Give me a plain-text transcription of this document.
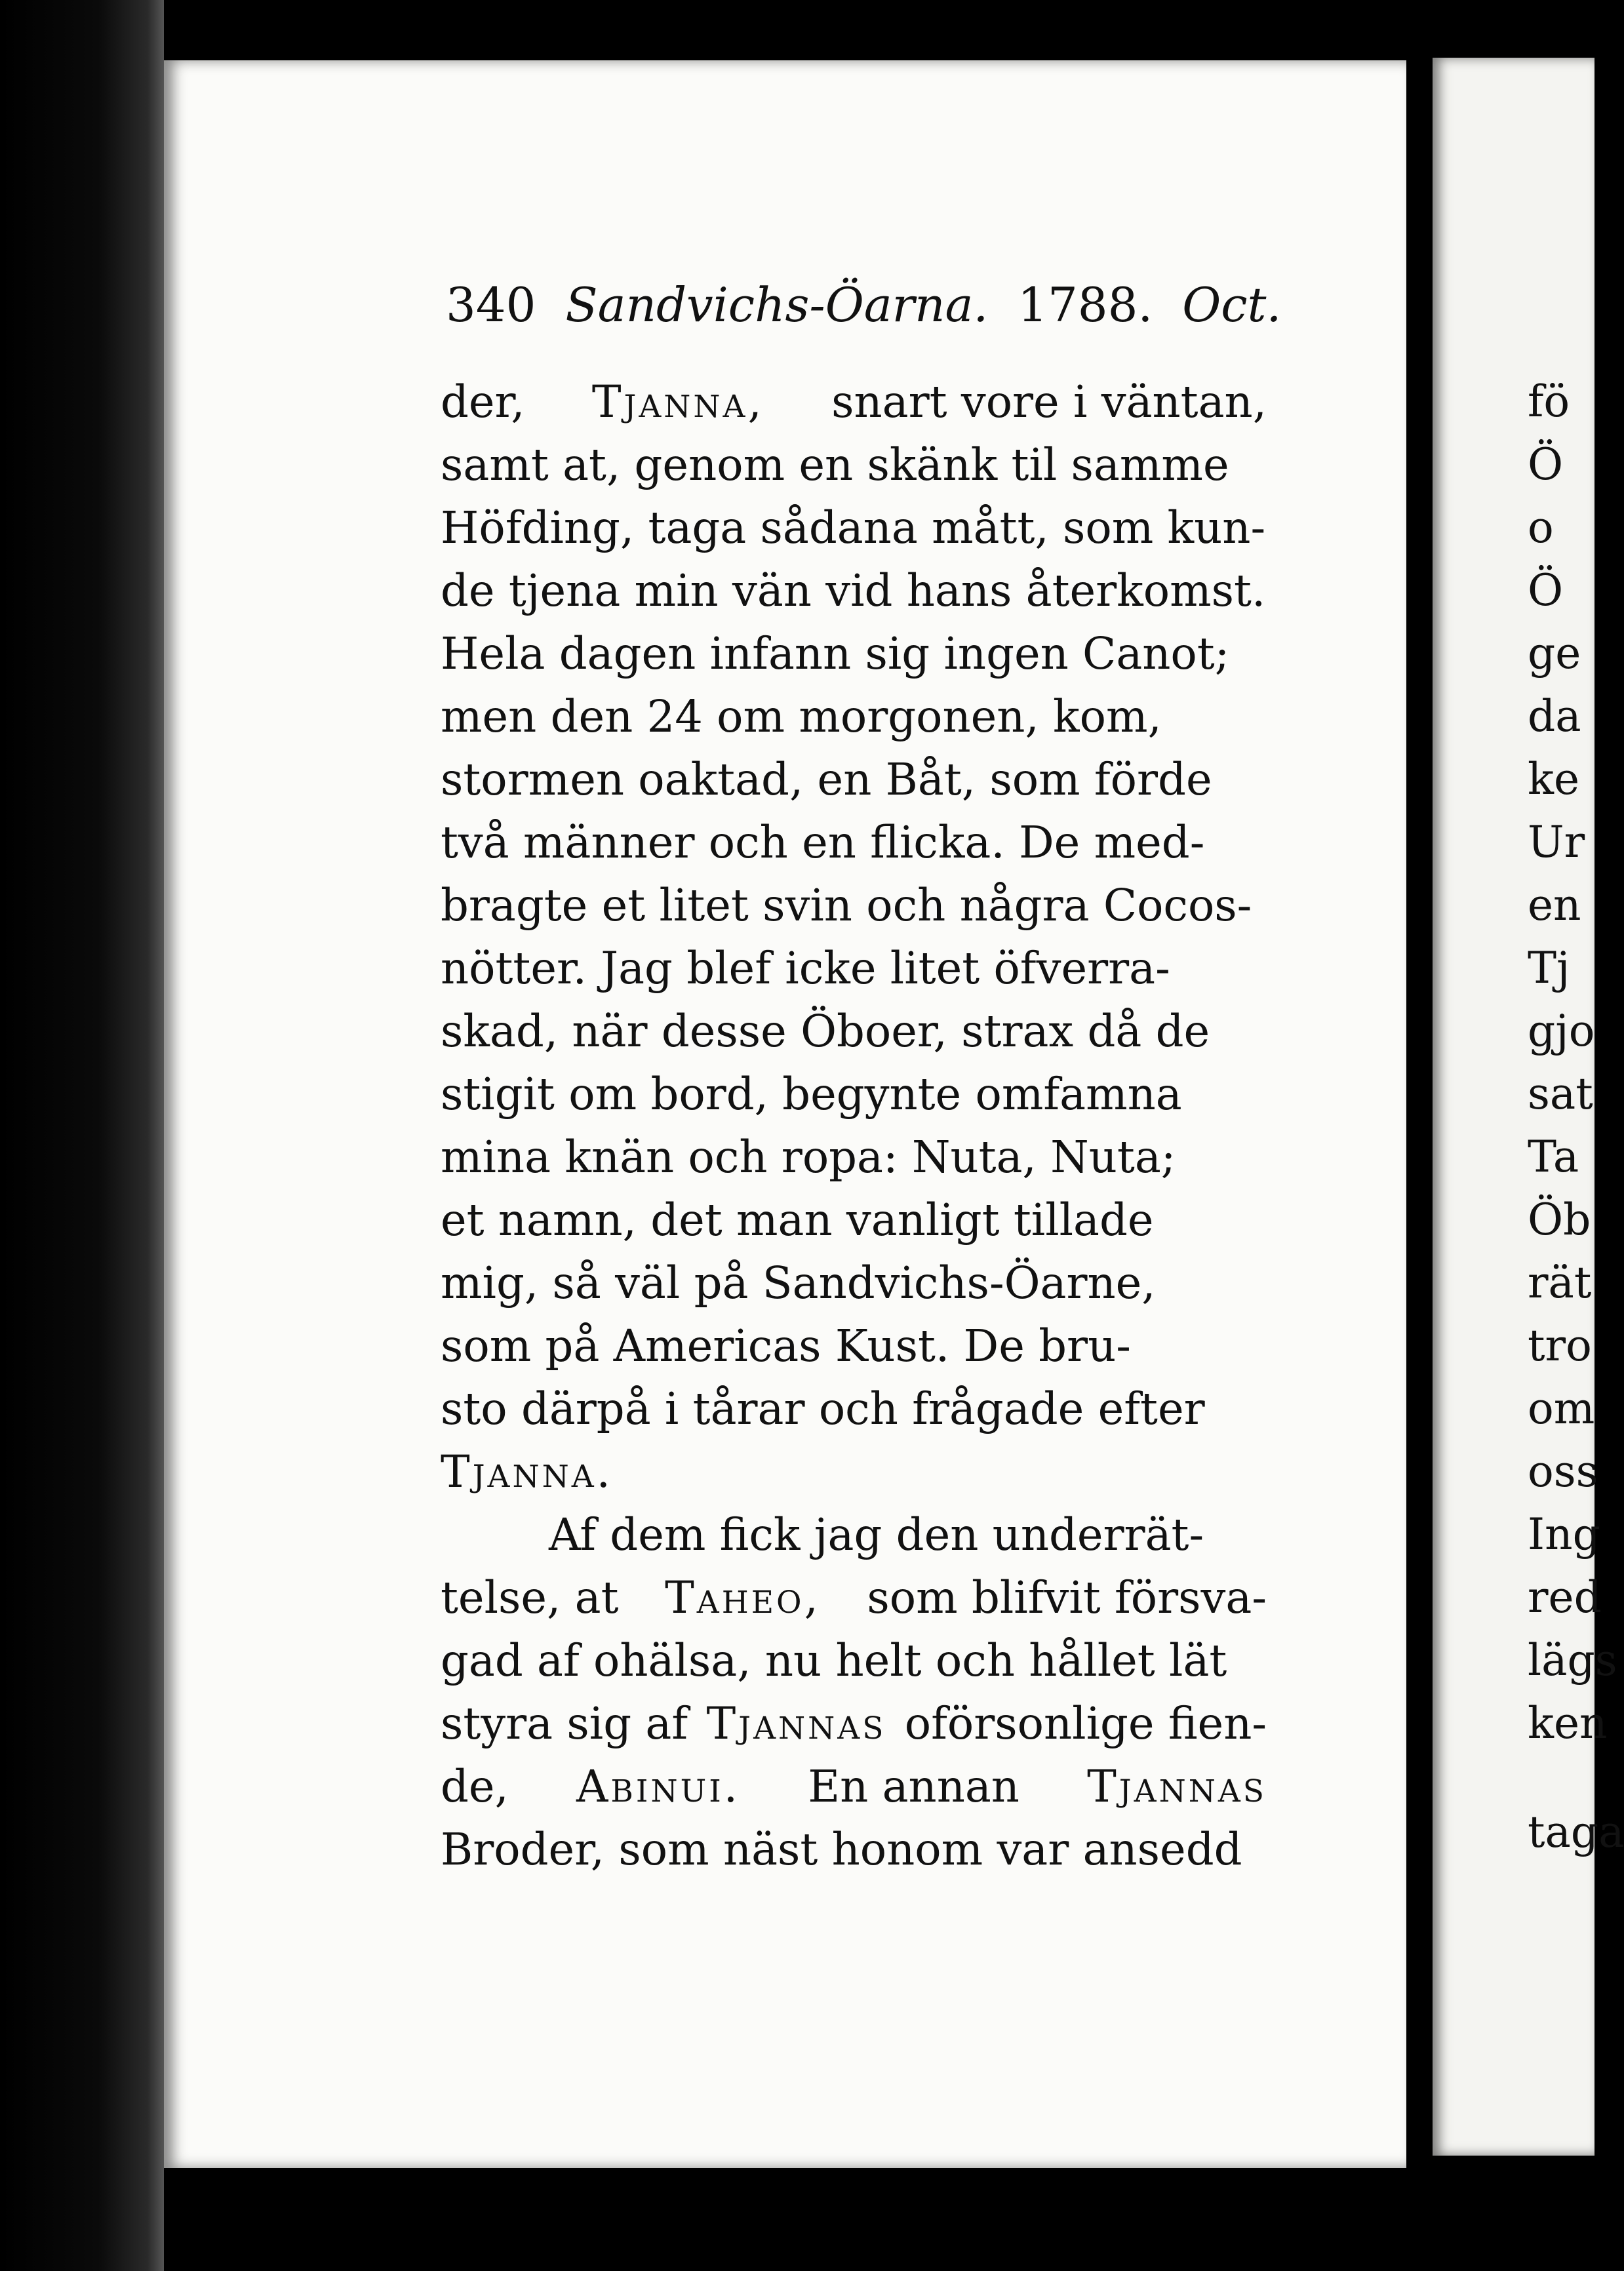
340 Sandvichs-Öarna. 1788. Oct.
der, Tjanna, snart vore i väntan,
samt at, genom en skänk til samme
Höfding, taga sådana mått, som kun-
de tjena min vän vid hans återkomst.
Hela dagen infann sig ingen Canot;
men den 24 om morgonen, kom,
stormen oaktad, en Båt, som förde
två männer och en flicka. De med-
bragte et litet svin och några Cocos-
nötter. Jag blef icke litet öfverra-
skad, när desse Öboer, strax då de
stigit om bord, begynte omfamna
mina knän och ropa: Nuta, Nuta;
et namn, det man vanligt tillade
mig, så väl på Sandvichs-Öarne,
som på Americas Kust. De bru-
sto därpå i tårar och frågade efter
Tjanna.
Af dem fick jag den underrät-
telse, at Taheo, som blifvit försva-
gad af ohälsa, nu helt och hållet lät
styra sig af Tjannas oförsonlige fien-
de, Abinui. En annan Tjannas
Broder, som näst honom var ansedd
fö
Ö
o
Ö
ge
da
ke
Ur
en
Tj
gjo
sat
Ta
Öb
rät
tro
om
oss
Ing
red
lägs
ken
taga
